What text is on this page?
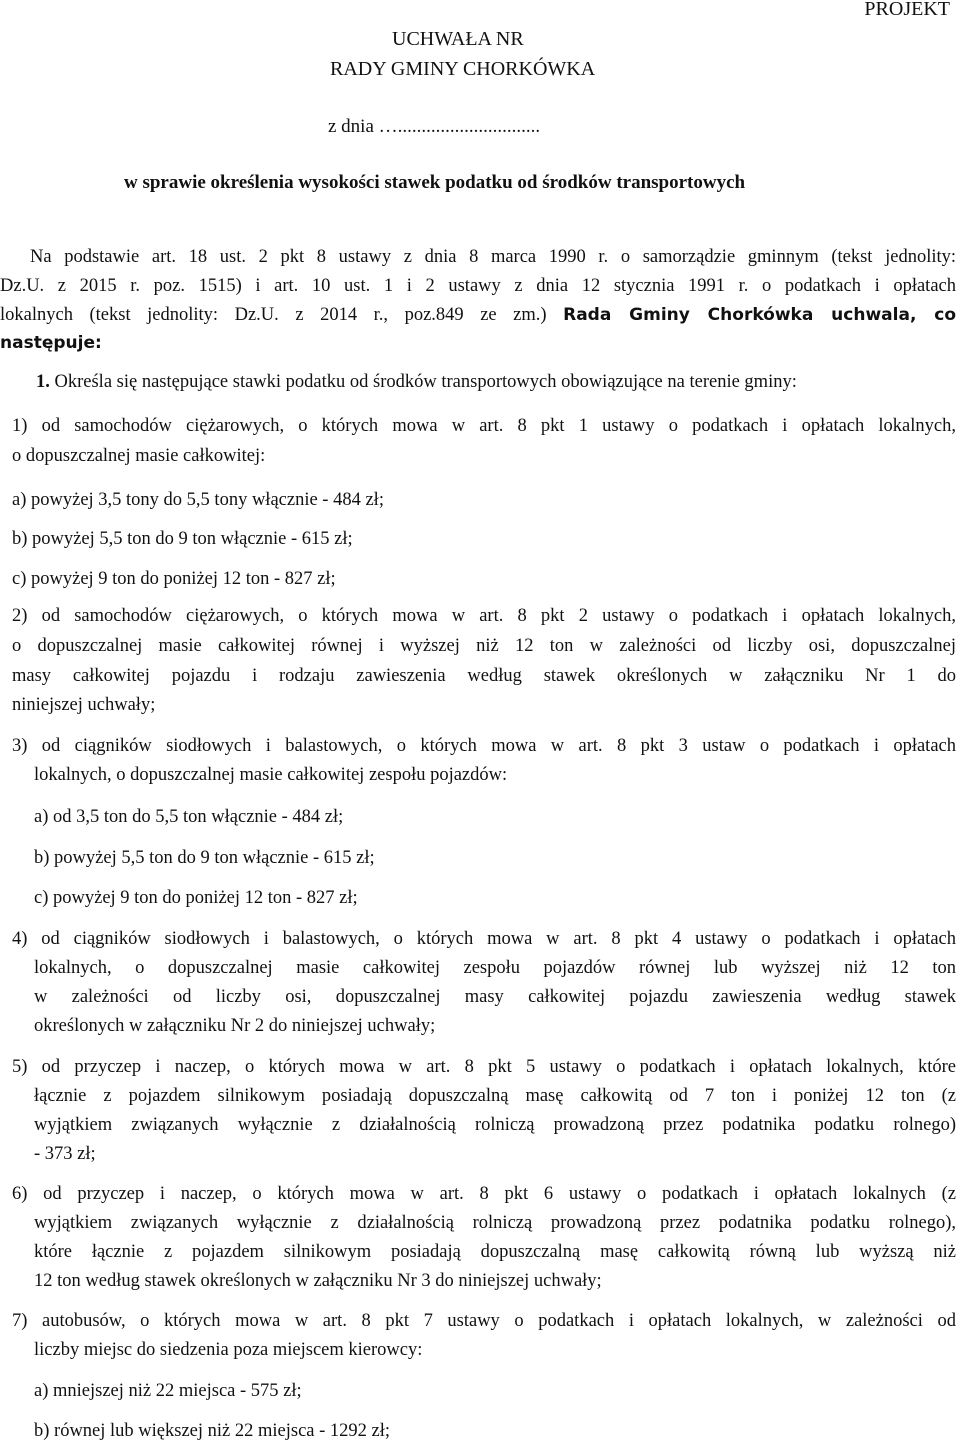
PROJEKT
UCHWAŁA NR
RADY GMINY CHORKÓWKA
z dnia …..............................
w sprawie określenia wysokości stawek podatku od środków transportowych
Na podstawie art. 18 ust. 2 pkt 8 ustawy z dnia 8 marca 1990 r. o samorządzie gminnym (tekst jednolity:
Dz.U. z 2015 r. poz. 1515) i art. 10 ust. 1 i 2 ustawy z dnia 12 stycznia 1991 r. o podatkach i opłatach
lokalnych (tekst jednolity: Dz.U. z 2014 r., poz.849 ze zm.) Rada Gminy Chorkówka uchwala, co
następuje:
1. Określa się następujące stawki podatku od środków transportowych obowiązujące na terenie gminy:
1) od samochodów ciężarowych, o których mowa w art. 8 pkt 1 ustawy o podatkach i opłatach lokalnych,
o dopuszczalnej masie całkowitej:
a) powyżej 3,5 tony do 5,5 tony włącznie - 484 zł;
b) powyżej 5,5 ton do 9 ton włącznie - 615 zł;
c) powyżej 9 ton do poniżej 12 ton - 827 zł;
2) od samochodów ciężarowych, o których mowa w art. 8 pkt 2 ustawy o podatkach i opłatach lokalnych,
o dopuszczalnej masie całkowitej równej i wyższej niż 12 ton w zależności od liczby osi, dopuszczalnej
masy całkowitej pojazdu i rodzaju zawieszenia według stawek określonych w załączniku Nr 1 do
niniejszej uchwały;
3) od ciągników siodłowych i balastowych, o których mowa w art. 8 pkt 3 ustaw o podatkach i opłatach
lokalnych, o dopuszczalnej masie całkowitej zespołu pojazdów:
a) od 3,5 ton do 5,5 ton włącznie - 484 zł;
b) powyżej 5,5 ton do 9 ton włącznie - 615 zł;
c) powyżej 9 ton do poniżej 12 ton - 827 zł;
4) od ciągników siodłowych i balastowych, o których mowa w art. 8 pkt 4 ustawy o podatkach i opłatach
lokalnych, o dopuszczalnej masie całkowitej zespołu pojazdów równej lub wyższej niż 12 ton
w zależności od liczby osi, dopuszczalnej masy całkowitej pojazdu zawieszenia według stawek
określonych w załączniku Nr 2 do niniejszej uchwały;
5) od przyczep i naczep, o których mowa w art. 8 pkt 5 ustawy o podatkach i opłatach lokalnych, które
łącznie z pojazdem silnikowym posiadają dopuszczalną masę całkowitą od 7 ton i poniżej 12 ton (z
wyjątkiem związanych wyłącznie z działalnością rolniczą prowadzoną przez podatnika podatku rolnego)
- 373 zł;
6) od przyczep i naczep, o których mowa w art. 8 pkt 6 ustawy o podatkach i opłatach lokalnych (z
wyjątkiem związanych wyłącznie z działalnością rolniczą prowadzoną przez podatnika podatku rolnego),
które łącznie z pojazdem silnikowym posiadają dopuszczalną masę całkowitą równą lub wyższą niż
12 ton według stawek określonych w załączniku Nr 3 do niniejszej uchwały;
7) autobusów, o których mowa w art. 8 pkt 7 ustawy o podatkach i opłatach lokalnych, w zależności od
liczby miejsc do siedzenia poza miejscem kierowcy:
a) mniejszej niż 22 miejsca - 575 zł;
b) równej lub większej niż 22 miejsca - 1292 zł;
